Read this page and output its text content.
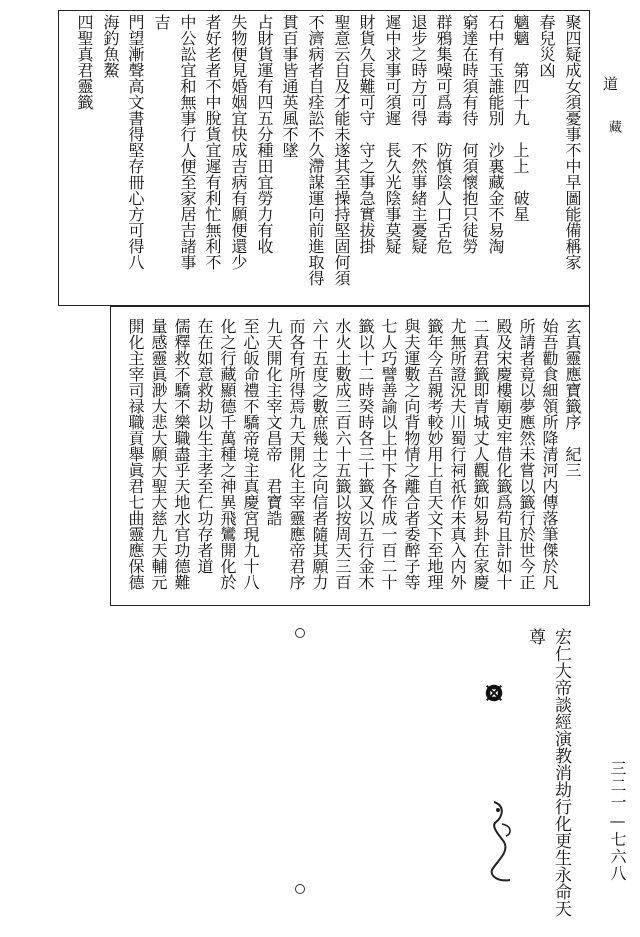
道
藏
三二一—七六八
聚四疑成女須憂事不中早圖能備稱家
春兒災凶
魑魑　第四十九　上上　破星
石中有玉誰能別　沙裏藏金不易淘
窮達在時須有待　何須懷抱只徒勞
群鴉集噪可爲毒　防慎陰人口舌危
退步之時方可得　不然事緒主憂疑
遲中求事可須遲　長久光陰事莫疑
財貨久長難可守　守之事急實拔掛
聖意云自及才能未遂其至操持堅固何須
不濟病者自痊訟不久滯謀運向前進取得
貫百事皆通英風不墜
占財貨運有四五分種田宜勞力有收
失物便見婚姻宜快成吉病有願便還少
者好老者不中脫貨宜遲有利忙無利不
中公訟宜和無事行人便至家居吉諸事
吉
門望漸聲高文書得堅存冊心方可得八
海釣魚鰲
四聖真君靈籤
玄真靈應寶籤序　紀三
始吾勸食細領所降清河内傳落筆傑於凡
所請者竟以夢應然未嘗以籤行於世今正
殿及宋慶樓廟吏牢借化籤爲苟且計如十
二真君籤即青城丈人觀籤如易卦在家慶
尤無所證況夫川蜀行祠祇作未真入内外
籤年今吾親考較妙用上自天文下至地理
與夫運數之向背物情之離合者委醉子等
七人巧譬善諭以上中下各作成一百二十
籤以十二時癸時各三十籤又以五行金木
水火土數成三百六十五籤以按周天三百
六十五度之數庶幾士之向信者隨其願力
而各有所得焉九天開化主宰靈應帝君序
九天開化主宰文昌帝　君寶誥
至心皈命禮不驕帝境主真慶宮現九十八
化之行藏顯德千萬種之神異飛鸞開化於
在在如意救劫以生主孝至仁功存者道
儒釋救不驕不樂職盡乎天地水官功德難
量感靈眞渺大悲大願大聖大慈九天輔元
開化主宰司禄職貢舉眞君七曲靈應保德
宏仁大帝談經演教消劫行化更生永命天
尊
